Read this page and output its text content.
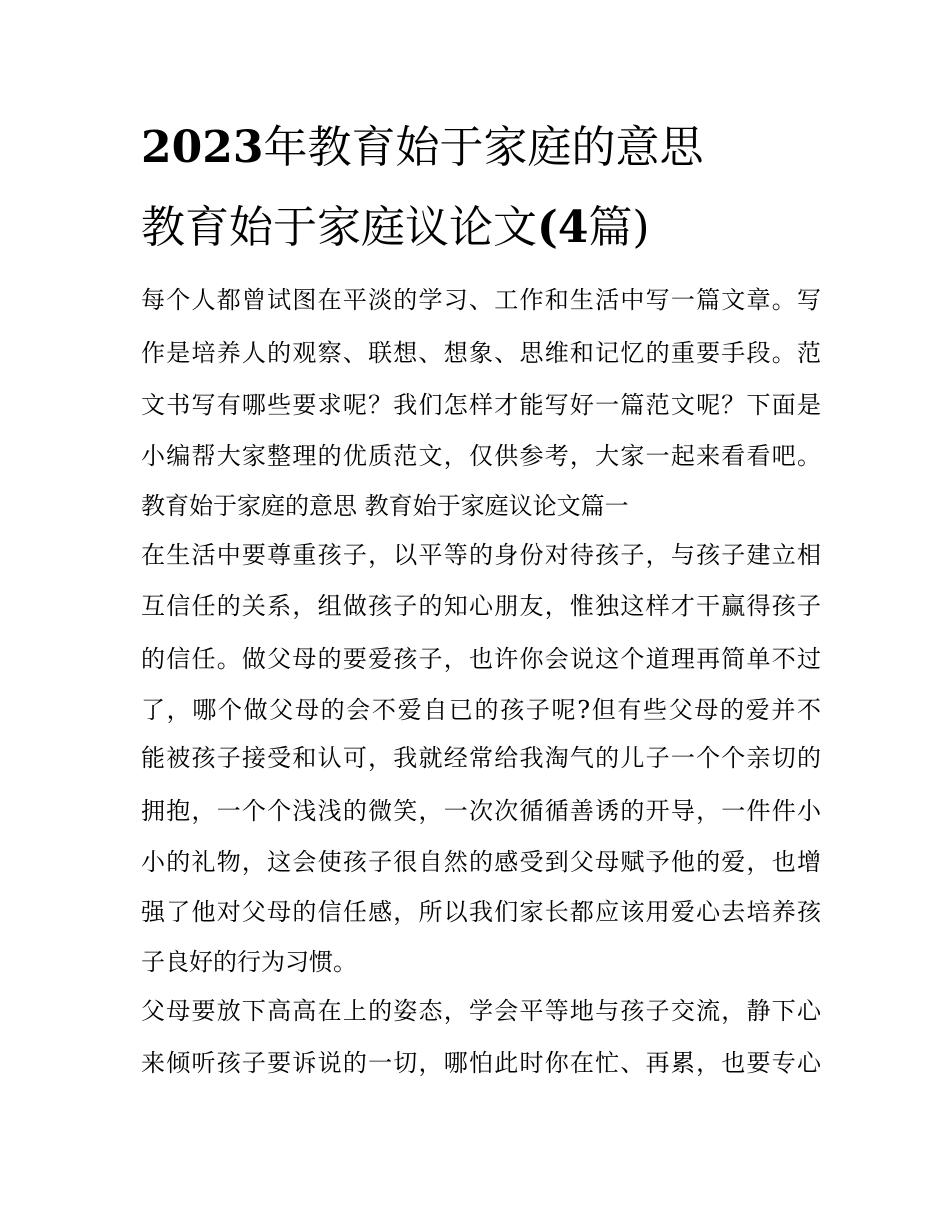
2023年教育始于家庭的意思
教育始于家庭议论文(4篇)
每个人都曾试图在平淡的学习、工作和生活中写一篇文章。写
作是培养人的观察、联想、想象、思维和记忆的重要手段。范
文书写有哪些要求呢？我们怎样才能写好一篇范文呢？下面是
小编帮大家整理的优质范文，仅供参考，大家一起来看看吧。
教育始于家庭的意思 教育始于家庭议论文篇一
在生活中要尊重孩子，以平等的身份对待孩子，与孩子建立相
互信任的关系，组做孩子的知心朋友，惟独这样才干赢得孩子
的信任。做父母的要爱孩子，也许你会说这个道理再简单不过
了，哪个做父母的会不爱自已的孩子呢?但有些父母的爱并不
能被孩子接受和认可，我就经常给我淘气的儿子一个个亲切的
拥抱，一个个浅浅的微笑，一次次循循善诱的开导，一件件小
小的礼物，这会使孩子很自然的感受到父母赋予他的爱，也增
强了他对父母的信任感，所以我们家长都应该用爱心去培养孩
子良好的行为习惯。
父母要放下高高在上的姿态，学会平等地与孩子交流，静下心
来倾听孩子要诉说的一切，哪怕此时你在忙、再累，也要专心
